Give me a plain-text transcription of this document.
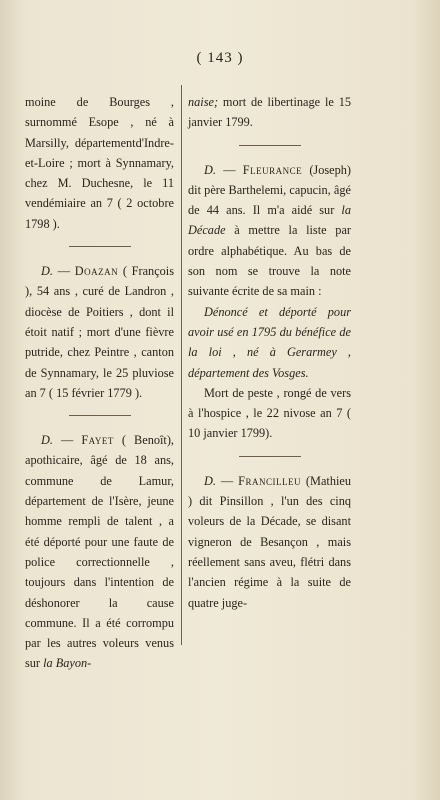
( 143 )

moine de Bourges , surnommé Esope , né à Marsilly, départementd'Indre-et-Loire ; mort à Synnamary, chez M. Duchesne, le 11 vendémiaire an 7 ( 2 octobre 1798 ).

D. — Doazan ( François ), 54 ans , curé de Landron , diocèse de Poitiers , dont il étoit natif ; mort d'une fièvre putride, chez Peintre , canton de Synnamary, le 25 pluviose an 7 ( 15 février 1779 ).

D. — Fayet ( Benoît), apothicaire, âgé de 18 ans, commune de Lamur, département de l'Isère, jeune homme rempli de talent , a été déporté pour une faute de police correctionnelle , toujours dans l'intention de déshonorer la cause commune. Il a été corrompu par les autres voleurs venus sur la Bayon-

naise; mort de libertinage le 15 janvier 1799.

D. — Fleurance (Joseph) dit père Barthelemi, capucin, âgé de 44 ans. Il m'a aidé sur la Décade à mettre la liste par ordre alphabétique. Au bas de son nom se trouve la note suivante écrite de sa main :

Dénoncé et déporté pour avoir usé en 1795 du bénéfice de la loi , né à Gerarmey , département des Vosges.

Mort de peste , rongé de vers à l'hospice , le 22 nivose an 7 ( 10 janvier 1799).

D. — Francilleu (Mathieu ) dit Pinsillon , l'un des cinq voleurs de la Décade, se disant vigneron de Besançon , mais réellement sans aveu, flétri dans l'ancien régime à la suite de quatre juge-
